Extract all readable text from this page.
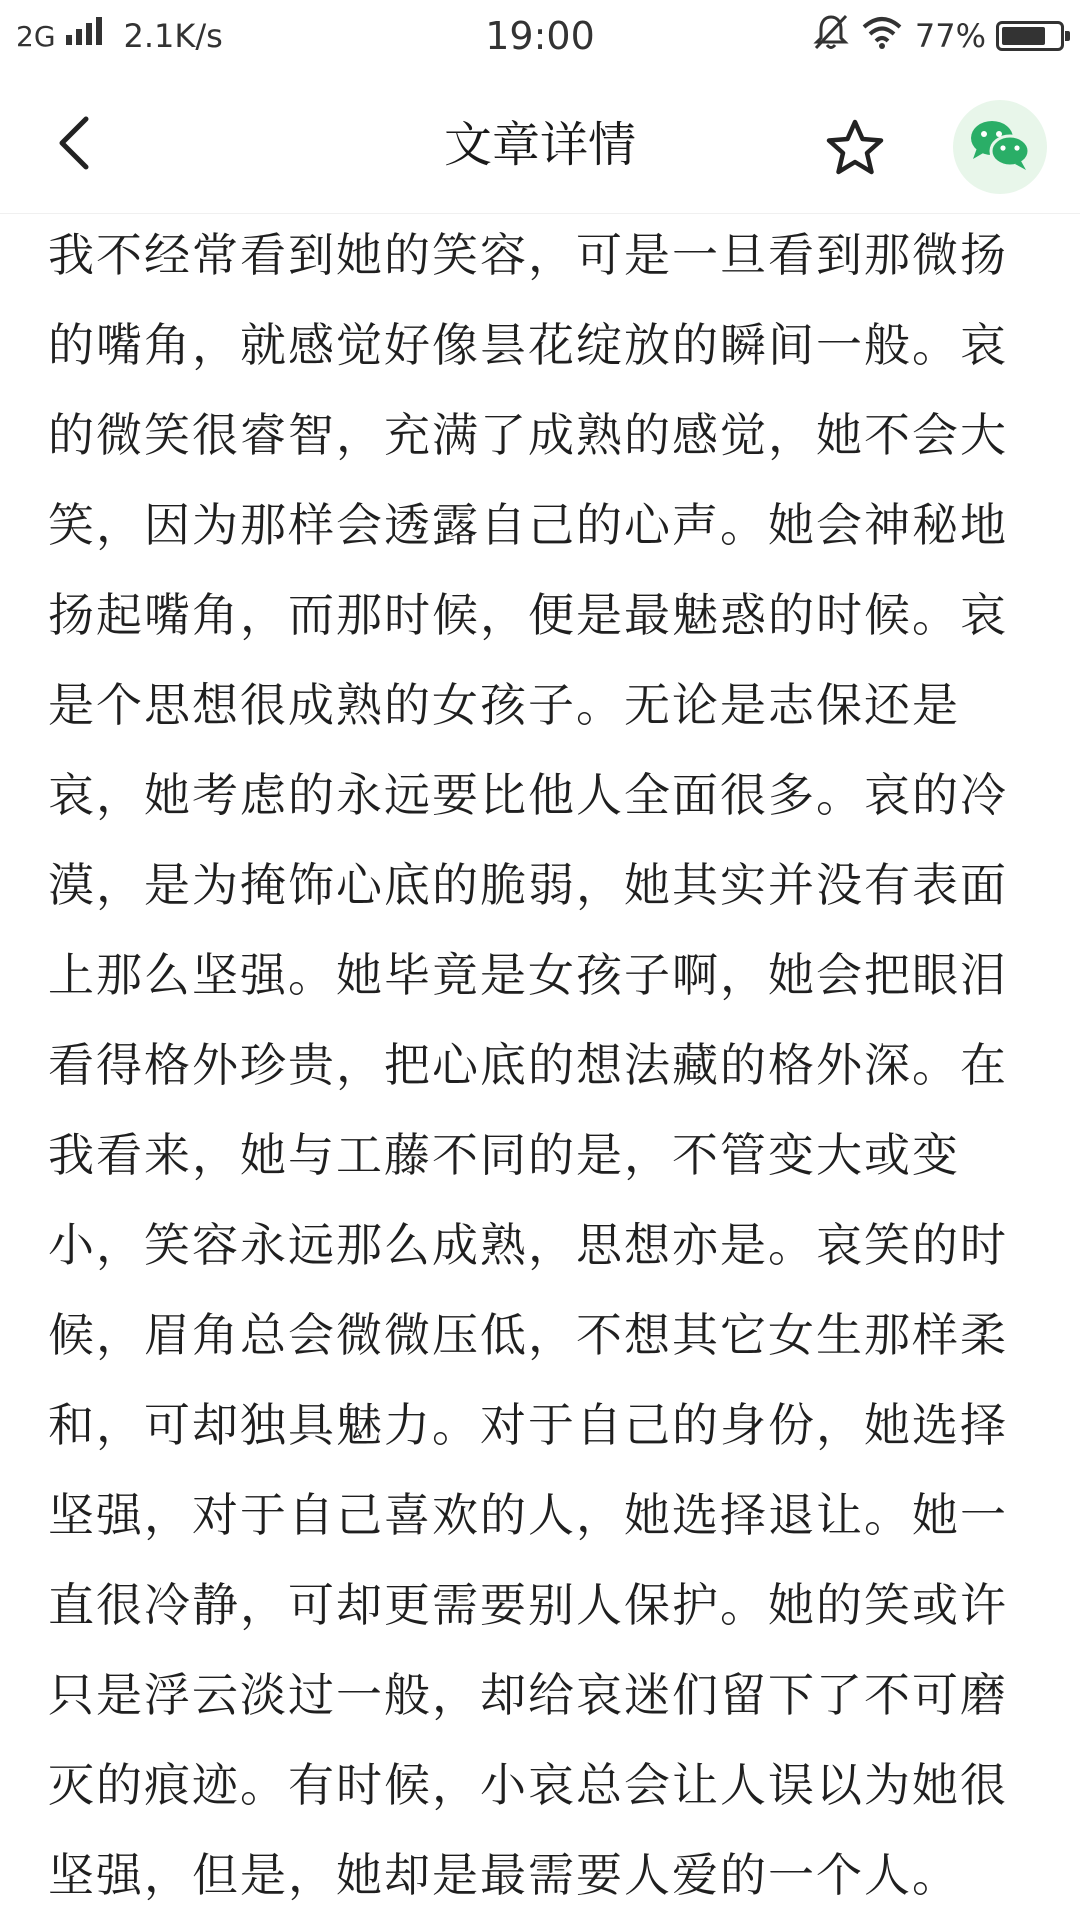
2G 2.1K/s	19:00	77%
文章详情
我不经常看到她的笑容，可是一旦看到那微扬
的嘴角，就感觉好像昙花绽放的瞬间一般。哀
的微笑很睿智，充满了成熟的感觉，她不会大
笑，因为那样会透露自己的心声。她会神秘地
扬起嘴角，而那时候，便是最魅惑的时候。哀
是个思想很成熟的女孩子。无论是志保还是
哀，她考虑的永远要比他人全面很多。哀的冷
漠，是为掩饰心底的脆弱，她其实并没有表面
上那么坚强。她毕竟是女孩子啊，她会把眼泪
看得格外珍贵，把心底的想法藏的格外深。在
我看来，她与工藤不同的是，不管变大或变
小，笑容永远那么成熟，思想亦是。哀笑的时
候，眉角总会微微压低，不想其它女生那样柔
和，可却独具魅力。对于自己的身份，她选择
坚强，对于自己喜欢的人，她选择退让。她一
直很冷静，可却更需要别人保护。她的笑或许
只是浮云淡过一般，却给哀迷们留下了不可磨
灭的痕迹。有时候，小哀总会让人误以为她很
坚强，但是，她却是最需要人爱的一个人。
